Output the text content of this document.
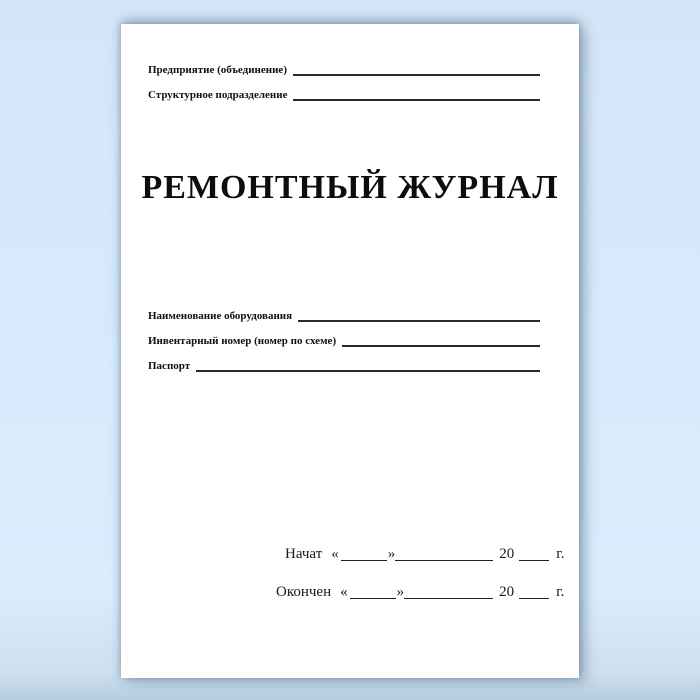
Предприятие (объединение)
Структурное подразделение
РЕМОНТНЫЙ ЖУРНАЛ
Наименование оборудования
Инвентарный номер (номер по схеме)
Паспорт
Начат «	»	20	г.
Окончен «	»	20	г.
